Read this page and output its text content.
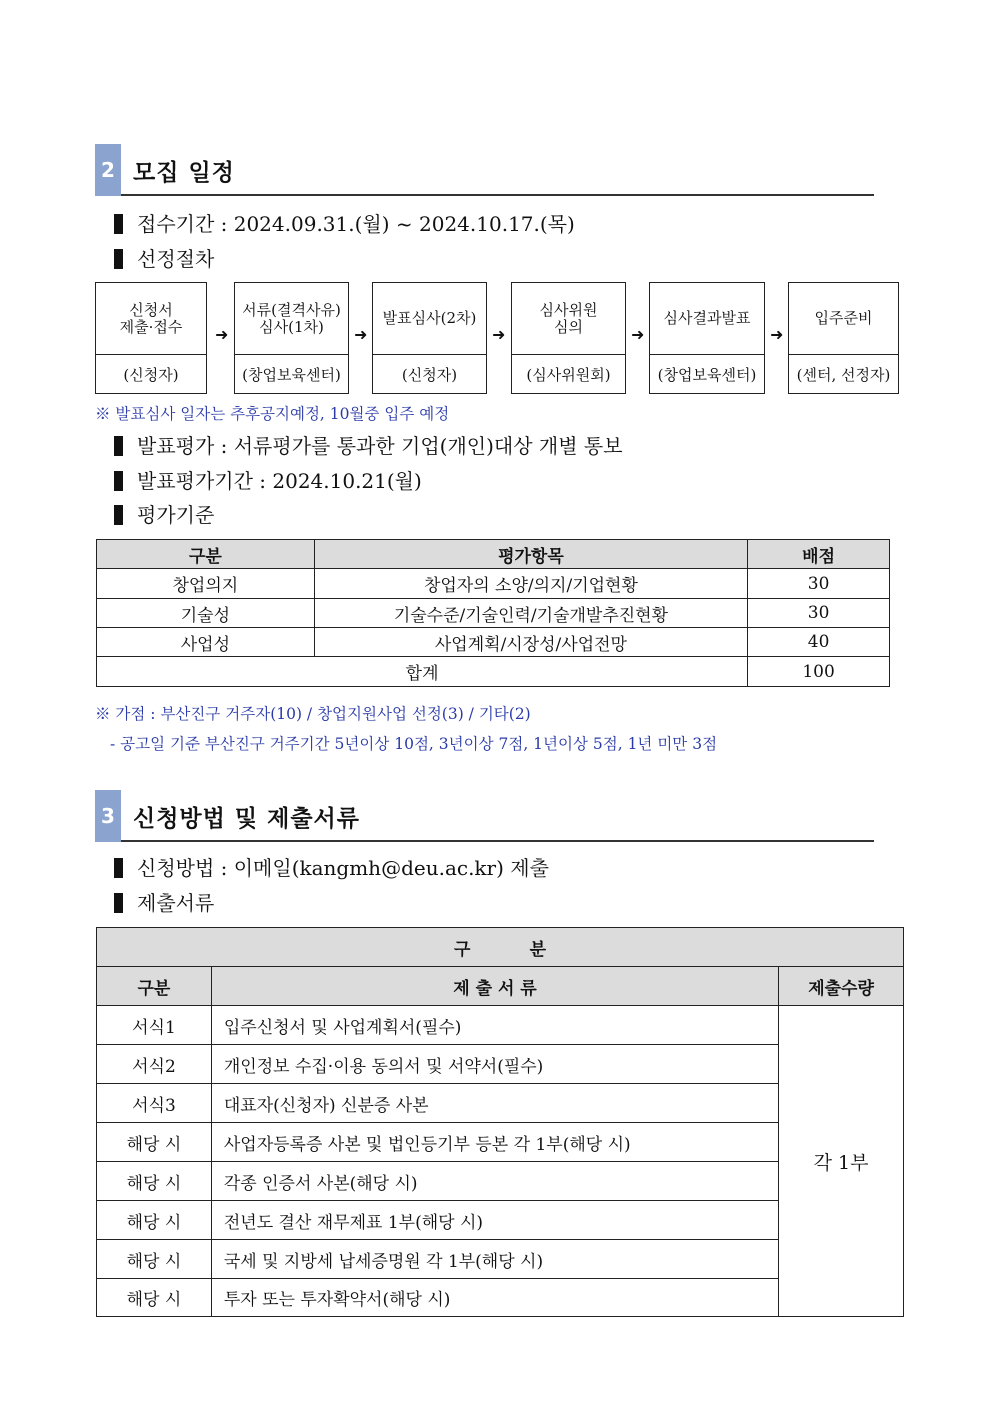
2 모집 일정
접수기간 : 2024.09.31.(월) ~ 2024.10.17.(목)
선정절차
신청서
제출·접수
(신청자)
➜
서류(결격사유)
심사(1차)
(창업보육센터)
➜
발표심사(2차)
(신청자)
➜
심사위원
심의
(심사위원회)
➜
심사결과발표
(창업보육센터)
➜
입주준비
(센터, 선정자)
※ 발표심사 일자는 추후공지예정, 10월중 입주 예정
발표평가 : 서류평가를 통과한 기업(개인)대상 개별 통보
발표평가기간 : 2024.10.21(월)
평가기준
구분	평가항목	배점
창업의지	창업자의 소양/의지/기업현황	30
기술성	기술수준/기술인력/기술개발추진현황	30
사업성	사업계획/시장성/사업전망	40
합계		100
※ 가점 : 부산진구 거주자(10) / 창업지원사업 선정(3) / 기타(2)
- 공고일 기준 부산진구 거주기간 5년이상 10점, 3년이상 7점, 1년이상 5점, 1년 미만 3점
3 신청방법 및 제출서류
신청방법 : 이메일(kangmh@deu.ac.kr) 제출
제출서류
구          분		
구분	제 출 서 류	제출수량
서식1	입주신청서 및 사업계획서(필수)	각 1부
서식2	개인정보 수집·이용 동의서 및 서약서(필수)	
서식3	대표자(신청자) 신분증 사본	
해당 시	사업자등록증 사본 및 법인등기부 등본 각 1부(해당 시)	
해당 시	각종 인증서 사본(해당 시)	
해당 시	전년도 결산 재무제표 1부(해당 시)	
해당 시	국세 및 지방세 납세증명원 각 1부(해당 시)	
해당 시	투자 또는 투자확약서(해당 시)	
